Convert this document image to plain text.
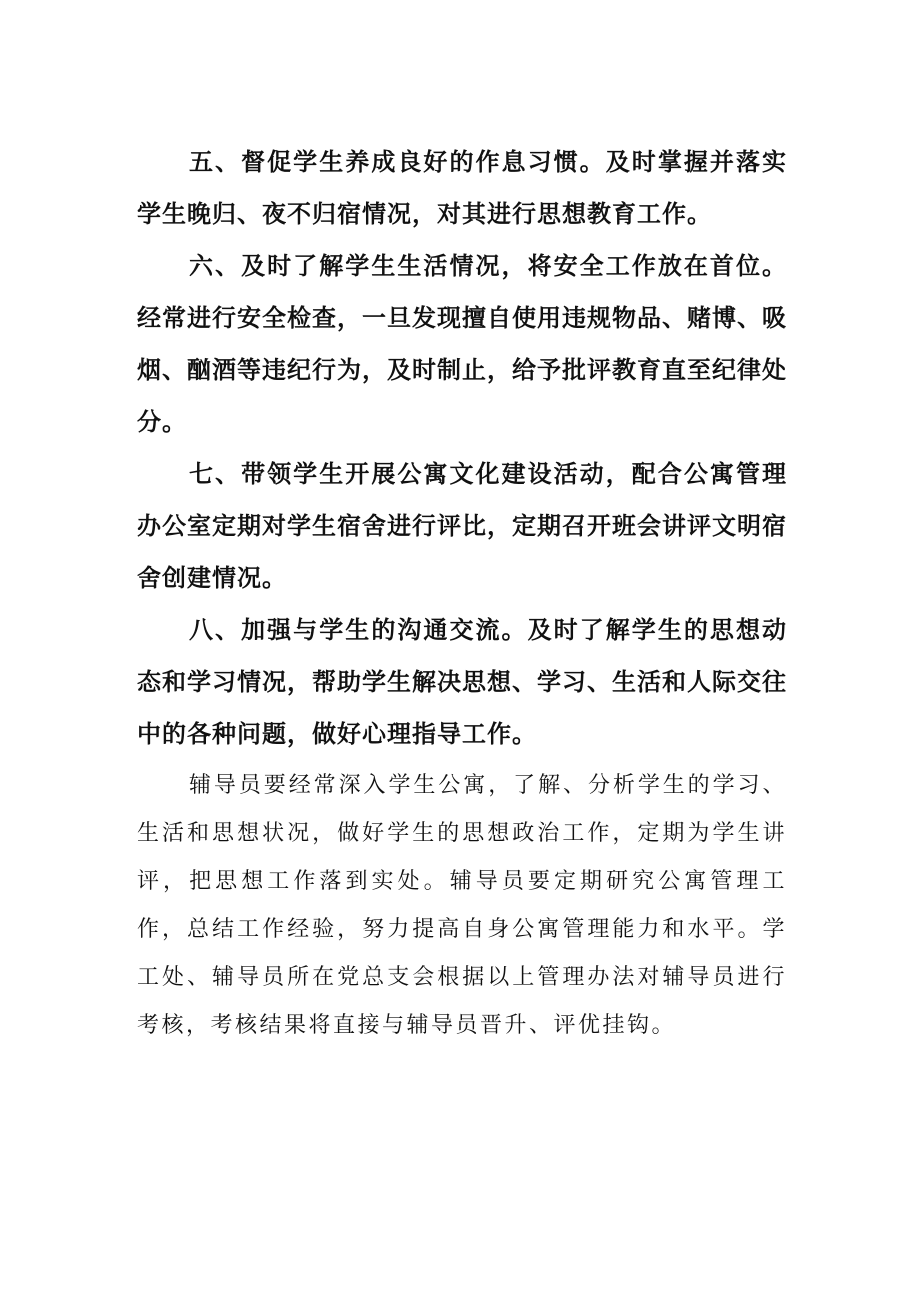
五、督促学生养成良好的作息习惯。及时掌握并落实学生晚归、夜不归宿情况，对其进行思想教育工作。

六、及时了解学生生活情况，将安全工作放在首位。经常进行安全检查，一旦发现擅自使用违规物品、赌博、吸烟、酗酒等违纪行为，及时制止，给予批评教育直至纪律处分。

七、带领学生开展公寓文化建设活动，配合公寓管理办公室定期对学生宿舍进行评比，定期召开班会讲评文明宿舍创建情况。

八、加强与学生的沟通交流。及时了解学生的思想动态和学习情况，帮助学生解决思想、学习、生活和人际交往中的各种问题，做好心理指导工作。

辅导员要经常深入学生公寓，了解、分析学生的学习、生活和思想状况，做好学生的思想政治工作，定期为学生讲评，把思想工作落到实处。辅导员要定期研究公寓管理工作，总结工作经验，努力提高自身公寓管理能力和水平。学工处、辅导员所在党总支会根据以上管理办法对辅导员进行考核，考核结果将直接与辅导员晋升、评优挂钩。
